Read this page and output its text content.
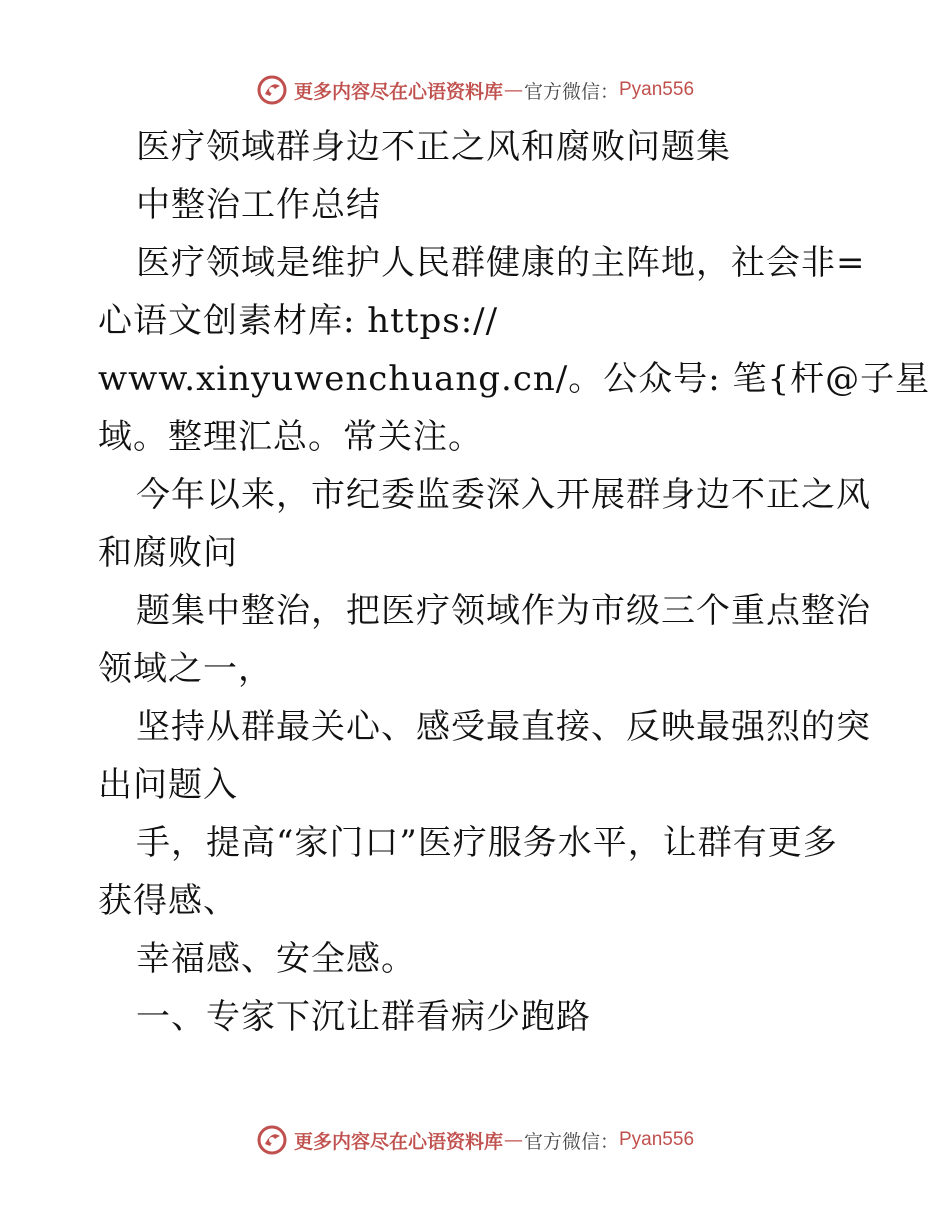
更多内容尽在心语资料库 — 官方微信： Pyan556
医疗领域群身边不正之风和腐败问题集
中整治工作总结
医疗领域是维护人民群健康的主阵地，社会非=
心语文创素材库: https://
www.xinyuwenchuang.cn/。公众号: 笔{杆@子星
域。整理汇总。常关注。
今年以来，市纪委监委深入开展群身边不正之风
和腐败问
题集中整治，把医疗领域作为市级三个重点整治
领域之一，
坚持从群最关心、感受最直接、反映最强烈的突
出问题入
手，提高“家门口”医疗服务水平，让群有更多
获得感、
幸福感、安全感。
一、专家下沉让群看病少跑路
更多内容尽在心语资料库 — 官方微信： Pyan556
